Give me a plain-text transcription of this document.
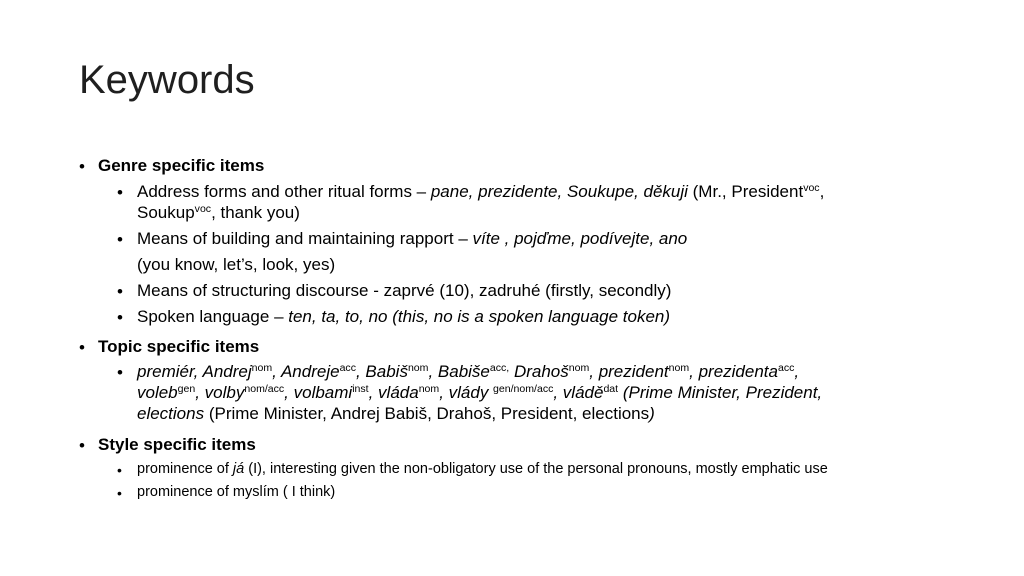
Keywords
• Genre specific items
• Address forms and other ritual forms – pane, prezidente, Soukupe, děkuji (Mr., President$^{voc}$,
Soukup$^{voc}$, thank you)
• Means of building and maintaining rapport – víte , pojďme, podívejte, ano
(you know, let’s, look, yes)
• Means of structuring discourse - zaprvé (10), zadruhé (firstly, secondly)
• Spoken language – ten, ta, to, no (this, no is a spoken language token)
• Topic specific items
• premiér, Andrej$^{nom}$, Andreje$^{acc}$, Babiš$^{nom}$, Babiše$^{acc,}$ Drahoš$^{nom}$, prezident$^{nom}$, prezidenta$^{acc}$,
voleb$^{gen}$, volby$^{nom/acc}$, volbami$^{inst}$, vláda$^{nom}$, vlády $^{gen/nom/acc}$, vládě$^{dat}$ (Prime Minister, Prezident,
elections (Prime Minister, Andrej Babiš, Drahoš, President, elections)
• Style specific items
• prominence of já (I), interesting given the non-obligatory use of the personal pronouns, mostly emphatic use
• prominence of myslím ( I think)
